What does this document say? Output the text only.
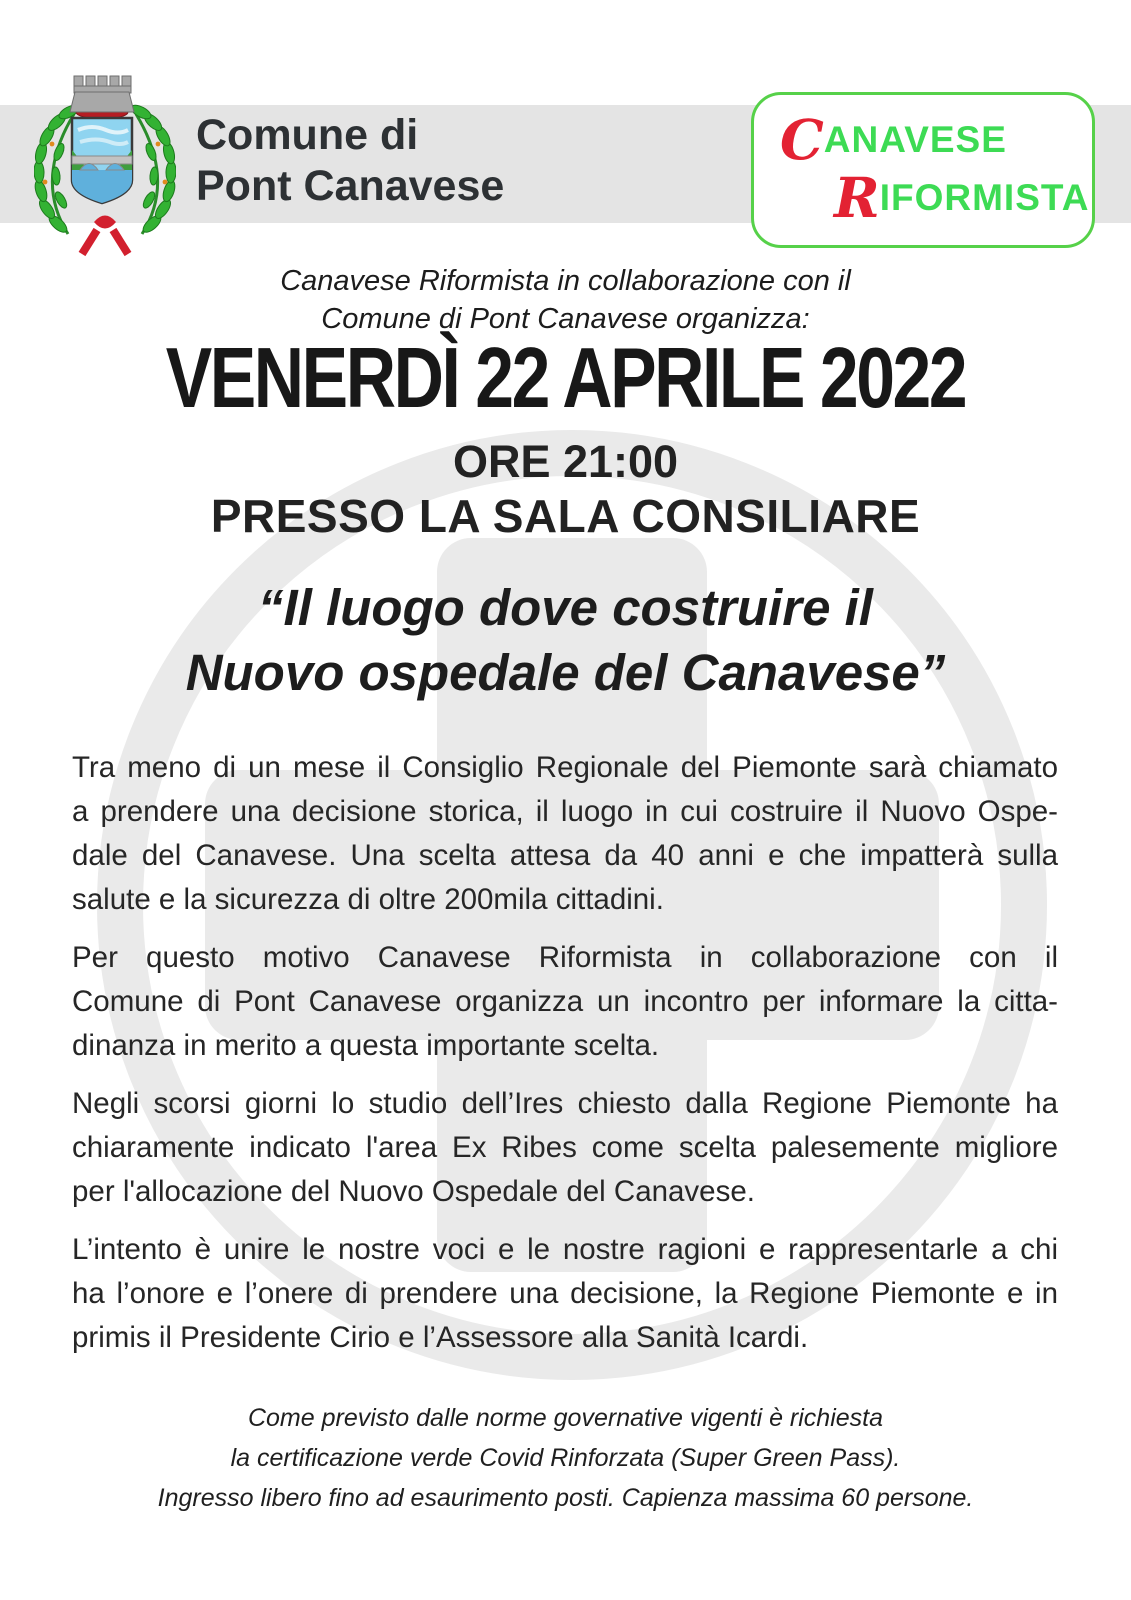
Comune di
Pont Canavese
CANAVESE
RIFORMISTA
Canavese Riformista in collaborazione con il
Comune di Pont Canavese organizza:
VENERDÌ 22 APRILE 2022
ORE 21:00
PRESSO LA SALA CONSILIARE
“Il luogo dove costruire il
Nuovo ospedale del Canavese”
Tra meno di un mese il Consiglio Regionale del Piemonte sarà chiamato
a prendere una decisione storica, il luogo in cui costruire il Nuovo Ospe-
dale del Canavese. Una scelta attesa da 40 anni e che impatterà sulla
salute e la sicurezza di oltre 200mila cittadini.
Per questo motivo Canavese Riformista in collaborazione con il
Comune di Pont Canavese organizza un incontro per informare la citta-
dinanza in merito a questa importante scelta.
Negli scorsi giorni lo studio dell’Ires chiesto dalla Regione Piemonte ha
chiaramente indicato l'area Ex Ribes come scelta palesemente migliore
per l'allocazione del Nuovo Ospedale del Canavese.
L’intento è unire le nostre voci e le nostre ragioni e rappresentarle a chi
ha l’onore e l’onere di prendere una decisione, la Regione Piemonte e in
primis il Presidente Cirio e l’Assessore alla Sanità Icardi.
Come previsto dalle norme governative vigenti è richiesta
la certificazione verde Covid Rinforzata (Super Green Pass).
Ingresso libero fino ad esaurimento posti. Capienza massima 60 persone.
